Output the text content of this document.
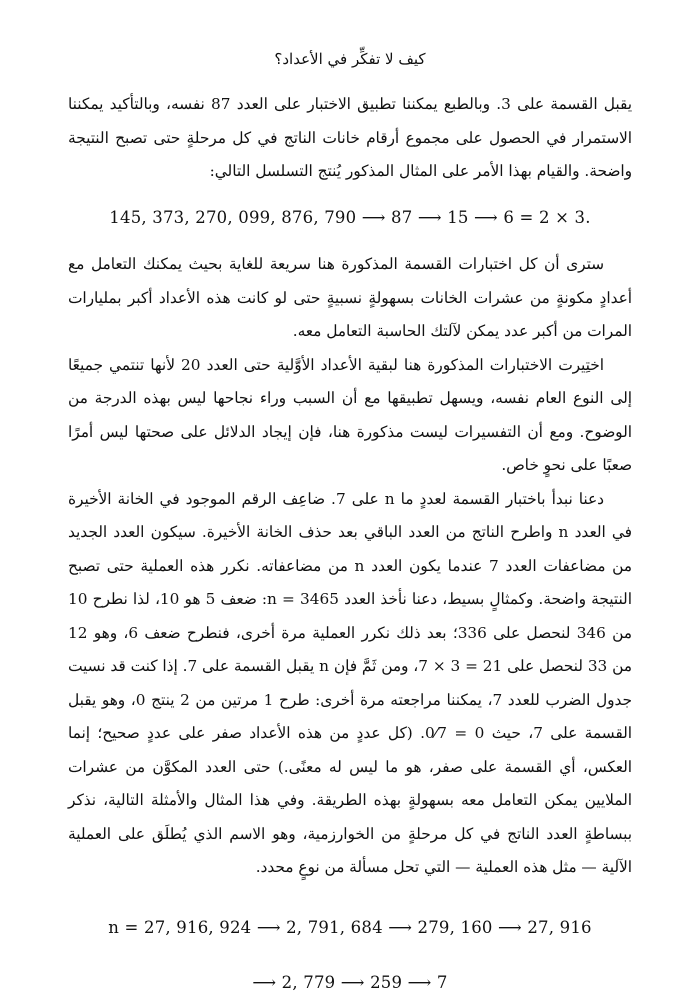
كيف لا تفكِّر في الأعداد؟

يقبل القسمة على 3. وبالطبع يمكننا تطبيق الاختبار على العدد 87 نفسه، وبالتأكيد يمكننا الاستمرار في الحصول على مجموع أرقام خانات الناتج في كل مرحلةٍ حتى تصبح النتيجة واضحة. والقيام بهذا الأمر على المثال المذكور يُنتج التسلسل التالي:

145, 373, 270, 099, 876, 790 ⟶ 87 ⟶ 15 ⟶ 6 = 2 × 3.

سترى أن كل اختبارات القسمة المذكورة هنا سريعة للغاية بحيث يمكنك التعامل مع أعدادٍ مكونةٍ من عشرات الخانات بسهولةٍ نسبيةٍ حتى لو كانت هذه الأعداد أكبر بمليارات المرات من أكبر عدد يمكن لآلتك الحاسبة التعامل معه.

اختِيرت الاختبارات المذكورة هنا لبقية الأعداد الأوَّلية حتى العدد 20 لأنها تنتمي جميعًا إلى النوع العام نفسه، ويسهل تطبيقها مع أن السبب وراء نجاحها ليس بهذه الدرجة من الوضوح. ومع أن التفسيرات ليست مذكورة هنا، فإن إيجاد الدلائل على صحتها ليس أمرًا صعبًا على نحوٍ خاص.

دعنا نبدأ باختبار القسمة لعددٍ ما n على 7. ضاعِف الرقم الموجود في الخانة الأخيرة في العدد n واطرح الناتج من العدد الباقي بعد حذف الخانة الأخيرة. سيكون العدد الجديد من مضاعفات العدد 7 عندما يكون العدد n من مضاعفاته. نكرر هذه العملية حتى تصبح النتيجة واضحة. وكمثالٍ بسيط، دعنا نأخذ العدد n = 3465: ضعف 5 هو 10، لذا نطرح 10 من 346 لنحصل على 336؛ بعد ذلك نكرر العملية مرة أخرى، فنطرح ضعف 6، وهو 12 من 33 لنحصل على 21 = 3 × 7، ومن ثَمَّ فإن n يقبل القسمة على 7. إذا كنت قد نسيت جدول الضرب للعدد 7، يمكننا مراجعته مرة أخرى: طرح 1 مرتين من 2 ينتج 0، وهو يقبل القسمة على 7، حيث 0 = 0⁄7. (كل عددٍ من هذه الأعداد صفر على عددٍ صحيح؛ إنما العكس، أي القسمة على صفر، هو ما ليس له معنًى.) حتى العدد المكوَّن من عشرات الملايين يمكن التعامل معه بسهولةٍ بهذه الطريقة. وفي هذا المثال والأمثلة التالية، نذكر ببساطةٍ العدد الناتج في كل مرحلةٍ من الخوارزمية، وهو الاسم الذي يُطلَق على العملية الآلية — مثل هذه العملية — التي تحل مسألة من نوعٍ محدد.

n = 27, 916, 924 ⟶ 2, 791, 684 ⟶ 279, 160 ⟶ 27, 916
⟶ 2, 779 ⟶ 259 ⟶ 7
